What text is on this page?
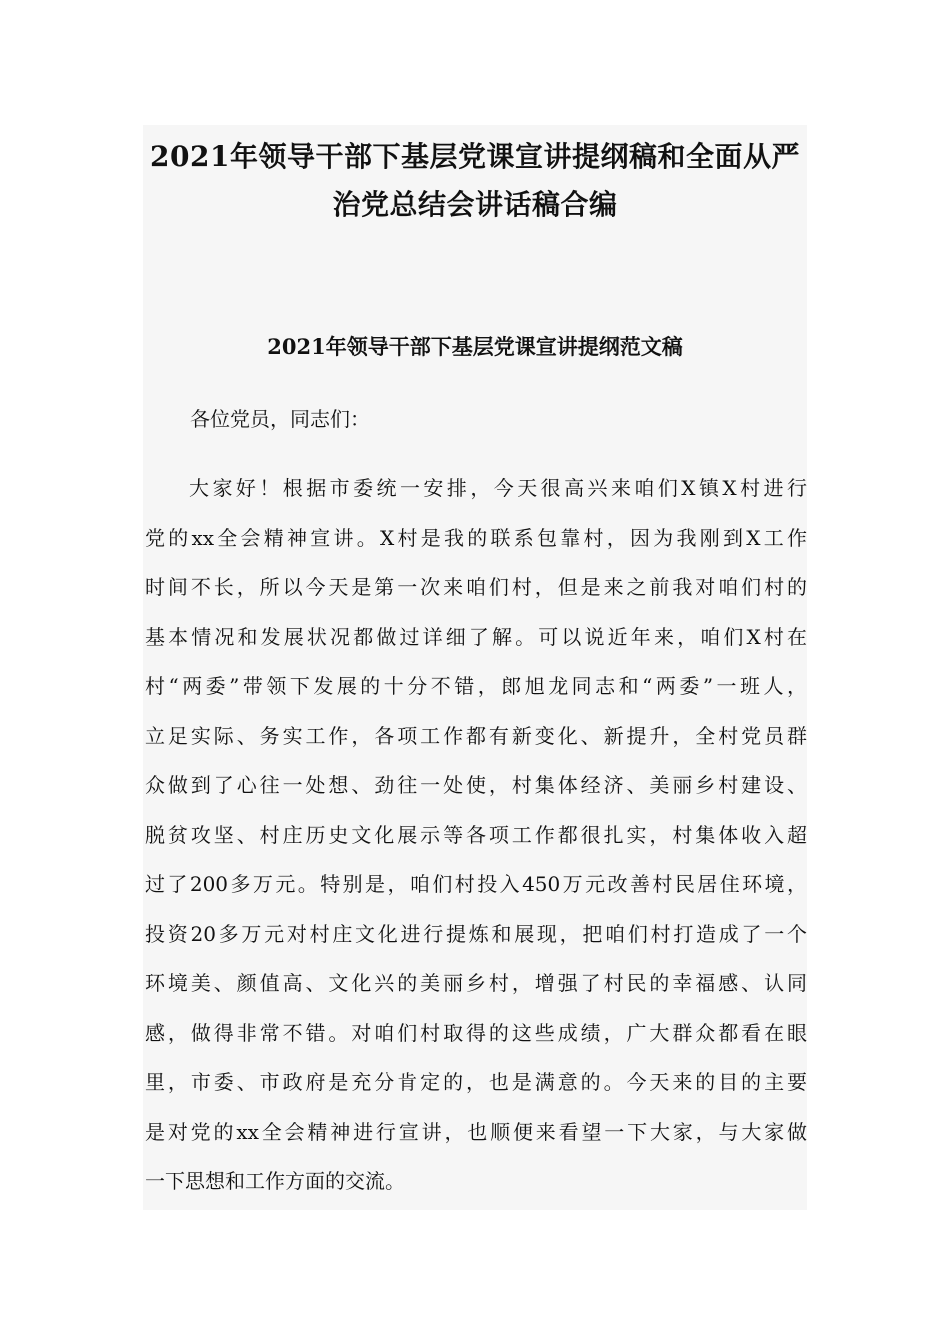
2021年领导干部下基层党课宣讲提纲稿和全面从严
治党总结会讲话稿合编
2021年领导干部下基层党课宣讲提纲范文稿

各位党员，同志们：

大家好！根据市委统一安排，今天很高兴来咱们X镇X村进行
党的xx全会精神宣讲。X村是我的联系包靠村，因为我刚到X工作
时间不长，所以今天是第一次来咱们村，但是来之前我对咱们村的
基本情况和发展状况都做过详细了解。可以说近年来，咱们X村在
村“两委”带领下发展的十分不错，郎旭龙同志和“两委”一班人，
立足实际、务实工作，各项工作都有新变化、新提升，全村党员群
众做到了心往一处想、劲往一处使，村集体经济、美丽乡村建设、
脱贫攻坚、村庄历史文化展示等各项工作都很扎实，村集体收入超
过了200多万元。特别是，咱们村投入450万元改善村民居住环境，
投资20多万元对村庄文化进行提炼和展现，把咱们村打造成了一个
环境美、颜值高、文化兴的美丽乡村，增强了村民的幸福感、认同
感，做得非常不错。对咱们村取得的这些成绩，广大群众都看在眼
里，市委、市政府是充分肯定的，也是满意的。今天来的目的主要
是对党的xx全会精神进行宣讲，也顺便来看望一下大家，与大家做
一下思想和工作方面的交流。
